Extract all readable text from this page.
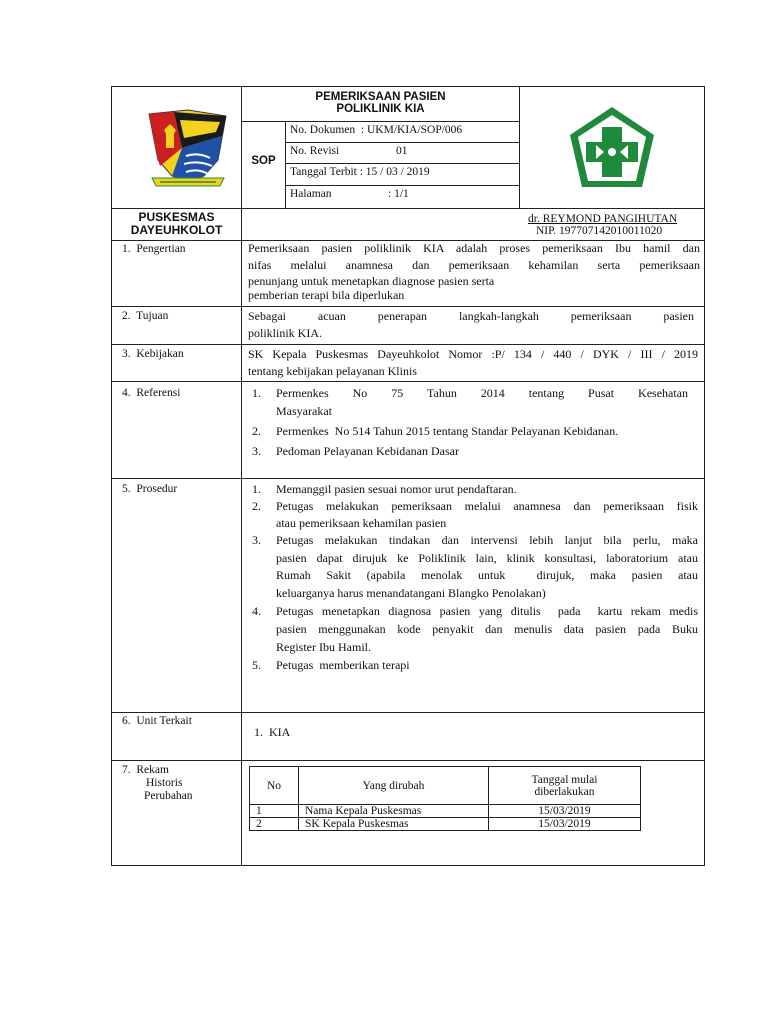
PEMERIKSAAN PASIEN
POLIKLINIK KIA
SOP
No. Dokumen  : UKM/KIA/SOP/006
No. Revisi	01
Tanggal Terbit : 15 / 03 / 2019
Halaman	: 1/1
PUSKESMAS
DAYEUHKOLOT
dr. REYMOND PANGIHUTAN
NIP. 197707142010011020
1.  Pengertian	Pemeriksaan pasien poliklinik KIA adalah proses pemeriksaan Ibu hamil dan
nifas melalui anamnesa dan pemeriksaan kehamilan serta pemeriksaan
penunjang untuk menetapkan diagnose pasien serta
pemberian terapi bila diperlukan
2.  Tujuan	Sebagai acuan penerapan langkah-langkah pemeriksaan pasien
poliklinik KIA.
3.  Kebijakan	SK Kepala Puskesmas Dayeuhkolot Nomor :P/ 134 / 440 / DYK / III / 2019
tentang kebijakan pelayanan Klinis
4.  Referensi	1. Permenkes No 75 Tahun 2014 tentang Pusat Kesehatan
Masyarakat
2. Permenkes  No 514 Tahun 2015 tentang Standar Pelayanan Kebidanan.
3. Pedoman Pelayanan Kebidanan Dasar
5.  Prosedur	1. Memanggil pasien sesuai nomor urut pendaftaran.
2. Petugas melakukan pemeriksaan melalui anamnesa dan pemeriksaan fisik
atau pemeriksaan kehamilan pasien
3. Petugas melakukan tindakan dan intervensi lebih lanjut bila perlu, maka
pasien dapat dirujuk ke Poliklinik lain, klinik konsultasi, laboratorium atau
Rumah Sakit (apabila menolak untuk  dirujuk, maka pasien atau
keluarganya harus menandatangani Blangko Penolakan)
4. Petugas menetapkan diagnosa pasien yang ditulis  pada  kartu rekam medis
pasien menggunakan kode penyakit dan menulis data pasien pada Buku
Register Ibu Hamil.
5. Petugas  memberikan terapi
6.  Unit Terkait
1.  KIA
7.  Rekam
Historis
Perubahan
No	Yang dirubah	Tanggal mulai
diberlakukan

1	Nama Kepala Puskesmas	15/03/2019
2	SK Kepala Puskesmas	15/03/2019
